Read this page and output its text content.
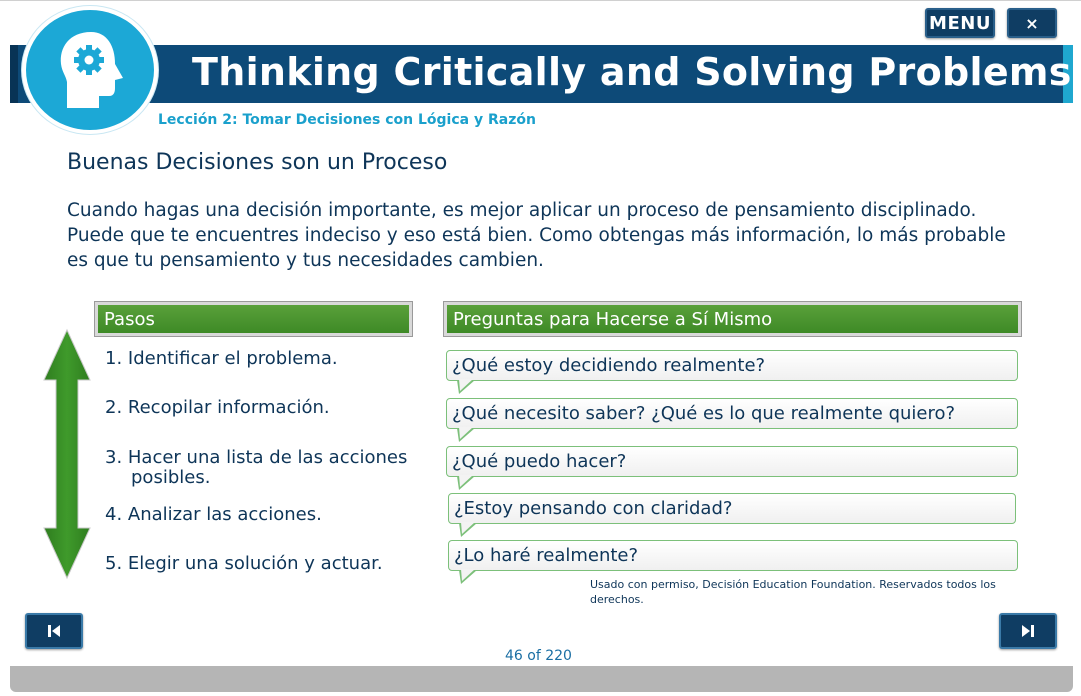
Thinking Critically and Solving Problems
MENU	×
Lección 2: Tomar Decisiones con Lógica y Razón
Buenas Decisiones son un Proceso
Cuando hagas una decisión importante, es mejor aplicar un proceso de pensamiento disciplinado. Puede que te encuentres indeciso y eso está bien. Como obtengas más información, lo más probable es que tu pensamiento y tus necesidades cambien.
Pasos	Preguntas para Hacerse a Sí Mismo
1. Identificar el problema.
2. Recopilar información.
3. Hacer una lista de las acciones
posibles.
4. Analizar las acciones.
5. Elegir una solución y actuar.
¿Qué estoy decidiendo realmente?
¿Qué necesito saber? ¿Qué es lo que realmente quiero?
¿Qué puedo hacer?
¿Estoy pensando con claridad?
¿Lo haré realmente?
Usado con permiso, Decisión Education Foundation. Reservados todos los derechos.
46 of 220
